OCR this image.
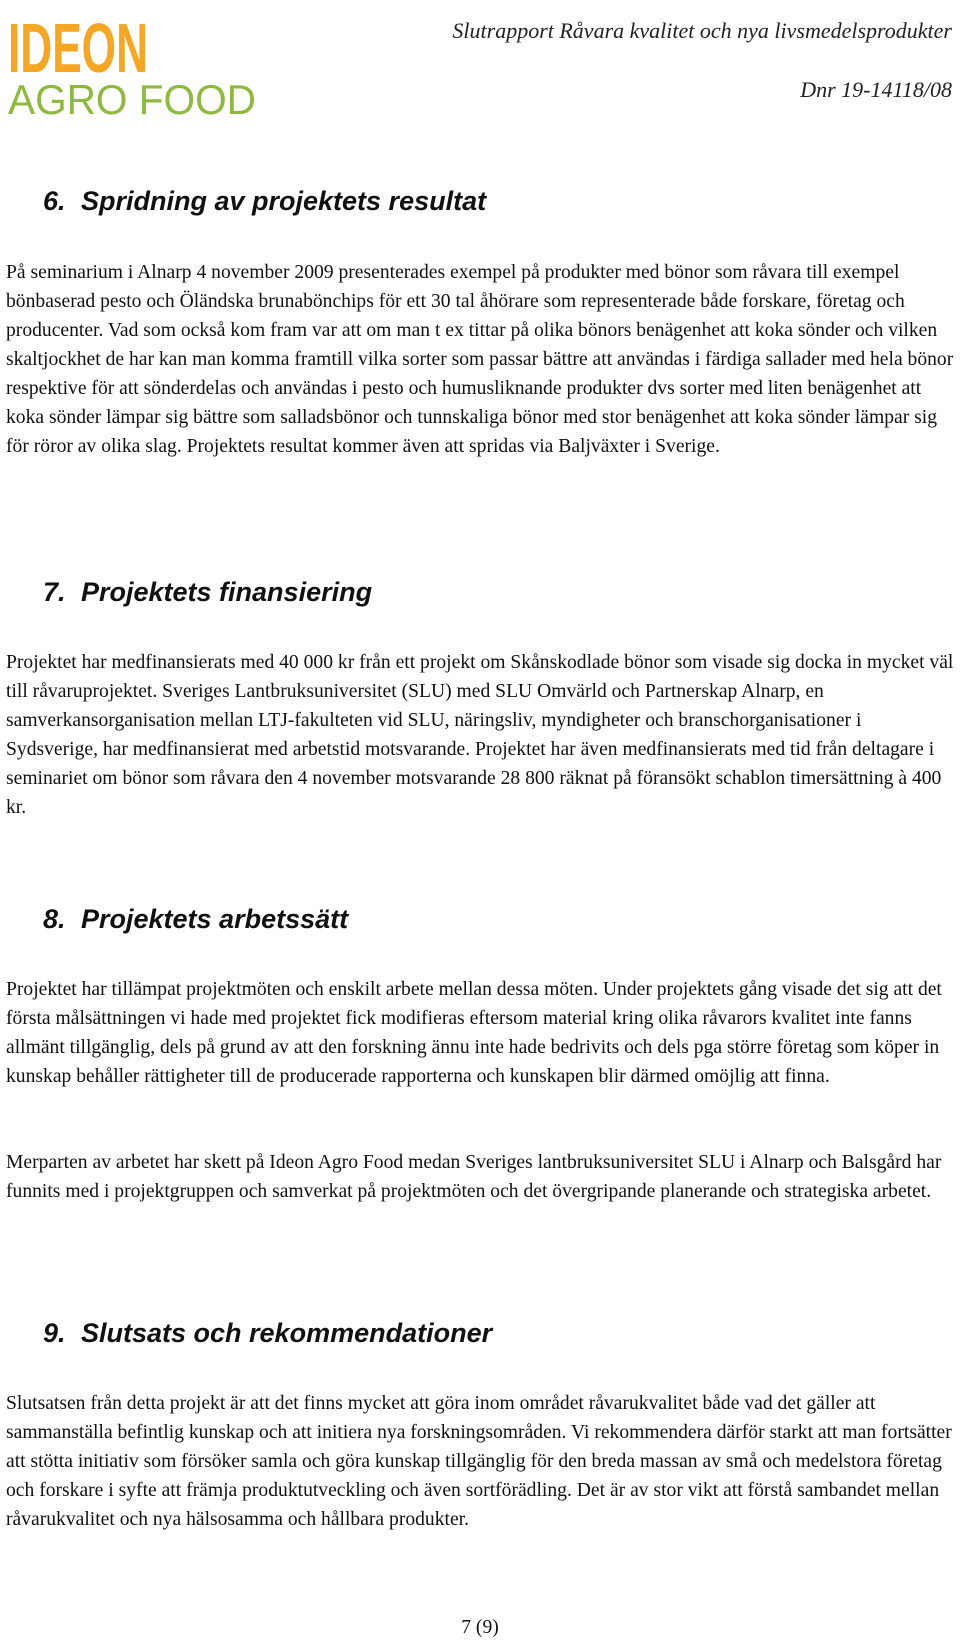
IDEON
AGRO FOOD
Slutrapport Råvara kvalitet och nya livsmedelsprodukter
Dnr 19-14118/08
6. Spridning av projektets resultat

På seminarium i Alnarp 4 november 2009 presenterades exempel på produkter med bönor som råvara till exempel bönbaserad pesto och Öländska brunabönchips för ett 30 tal åhörare som representerade både forskare, företag och producenter. Vad som också kom fram var att om man t ex tittar på olika bönors benägenhet att koka sönder och vilken skaltjockhet de har kan man komma framtill vilka sorter som passar bättre att användas i färdiga sallader med hela bönor respektive för att sönderdelas och användas i pesto och humusliknande produkter dvs sorter med liten benägenhet att koka sönder lämpar sig bättre som salladsbönor och tunnskaliga bönor med stor benägenhet att koka sönder lämpar sig för röror av olika slag. Projektets resultat kommer även att spridas via Baljväxter i Sverige.

7. Projektets finansiering

Projektet har medfinansierats med 40 000 kr från ett projekt om Skånskodlade bönor som visade sig docka in mycket väl till råvaruprojektet. Sveriges Lantbruksuniversitet (SLU) med SLU Omvärld och Partnerskap Alnarp, en samverkansorganisation mellan LTJ-fakulteten vid SLU, näringsliv, myndigheter och branschorganisationer i Sydsverige, har medfinansierat med arbetstid motsvarande. Projektet har även medfinansierats med tid från deltagare i seminariet om bönor som råvara den 4 november motsvarande 28 800 räknat på föransökt schablon timersättning à 400 kr.

8. Projektets arbetssätt

Projektet har tillämpat projektmöten och enskilt arbete mellan dessa möten. Under projektets gång visade det sig att det första målsättningen vi hade med projektet fick modifieras eftersom material kring olika råvarors kvalitet inte fanns allmänt tillgänglig, dels på grund av att den forskning ännu inte hade bedrivits och dels pga större företag som köper in kunskap behåller rättigheter till de producerade rapporterna och kunskapen blir därmed omöjlig att finna.

Merparten av arbetet har skett på Ideon Agro Food medan Sveriges lantbruksuniversitet SLU i Alnarp och Balsgård har funnits med i projektgruppen och samverkat på projektmöten och det övergripande planerande och strategiska arbetet.

9. Slutsats och rekommendationer

Slutsatsen från detta projekt är att det finns mycket att göra inom området råvarukvalitet både vad det gäller att sammanställa befintlig kunskap och att initiera nya forskningsområden. Vi rekommendera därför starkt att man fortsätter att stötta initiativ som försöker samla och göra kunskap tillgänglig för den breda massan av små och medelstora företag och forskare i syfte att främja produktutveckling och även sortförädling. Det är av stor vikt att förstå sambandet mellan råvarukvalitet och nya hälsosamma och hållbara produkter.

7 (9)
